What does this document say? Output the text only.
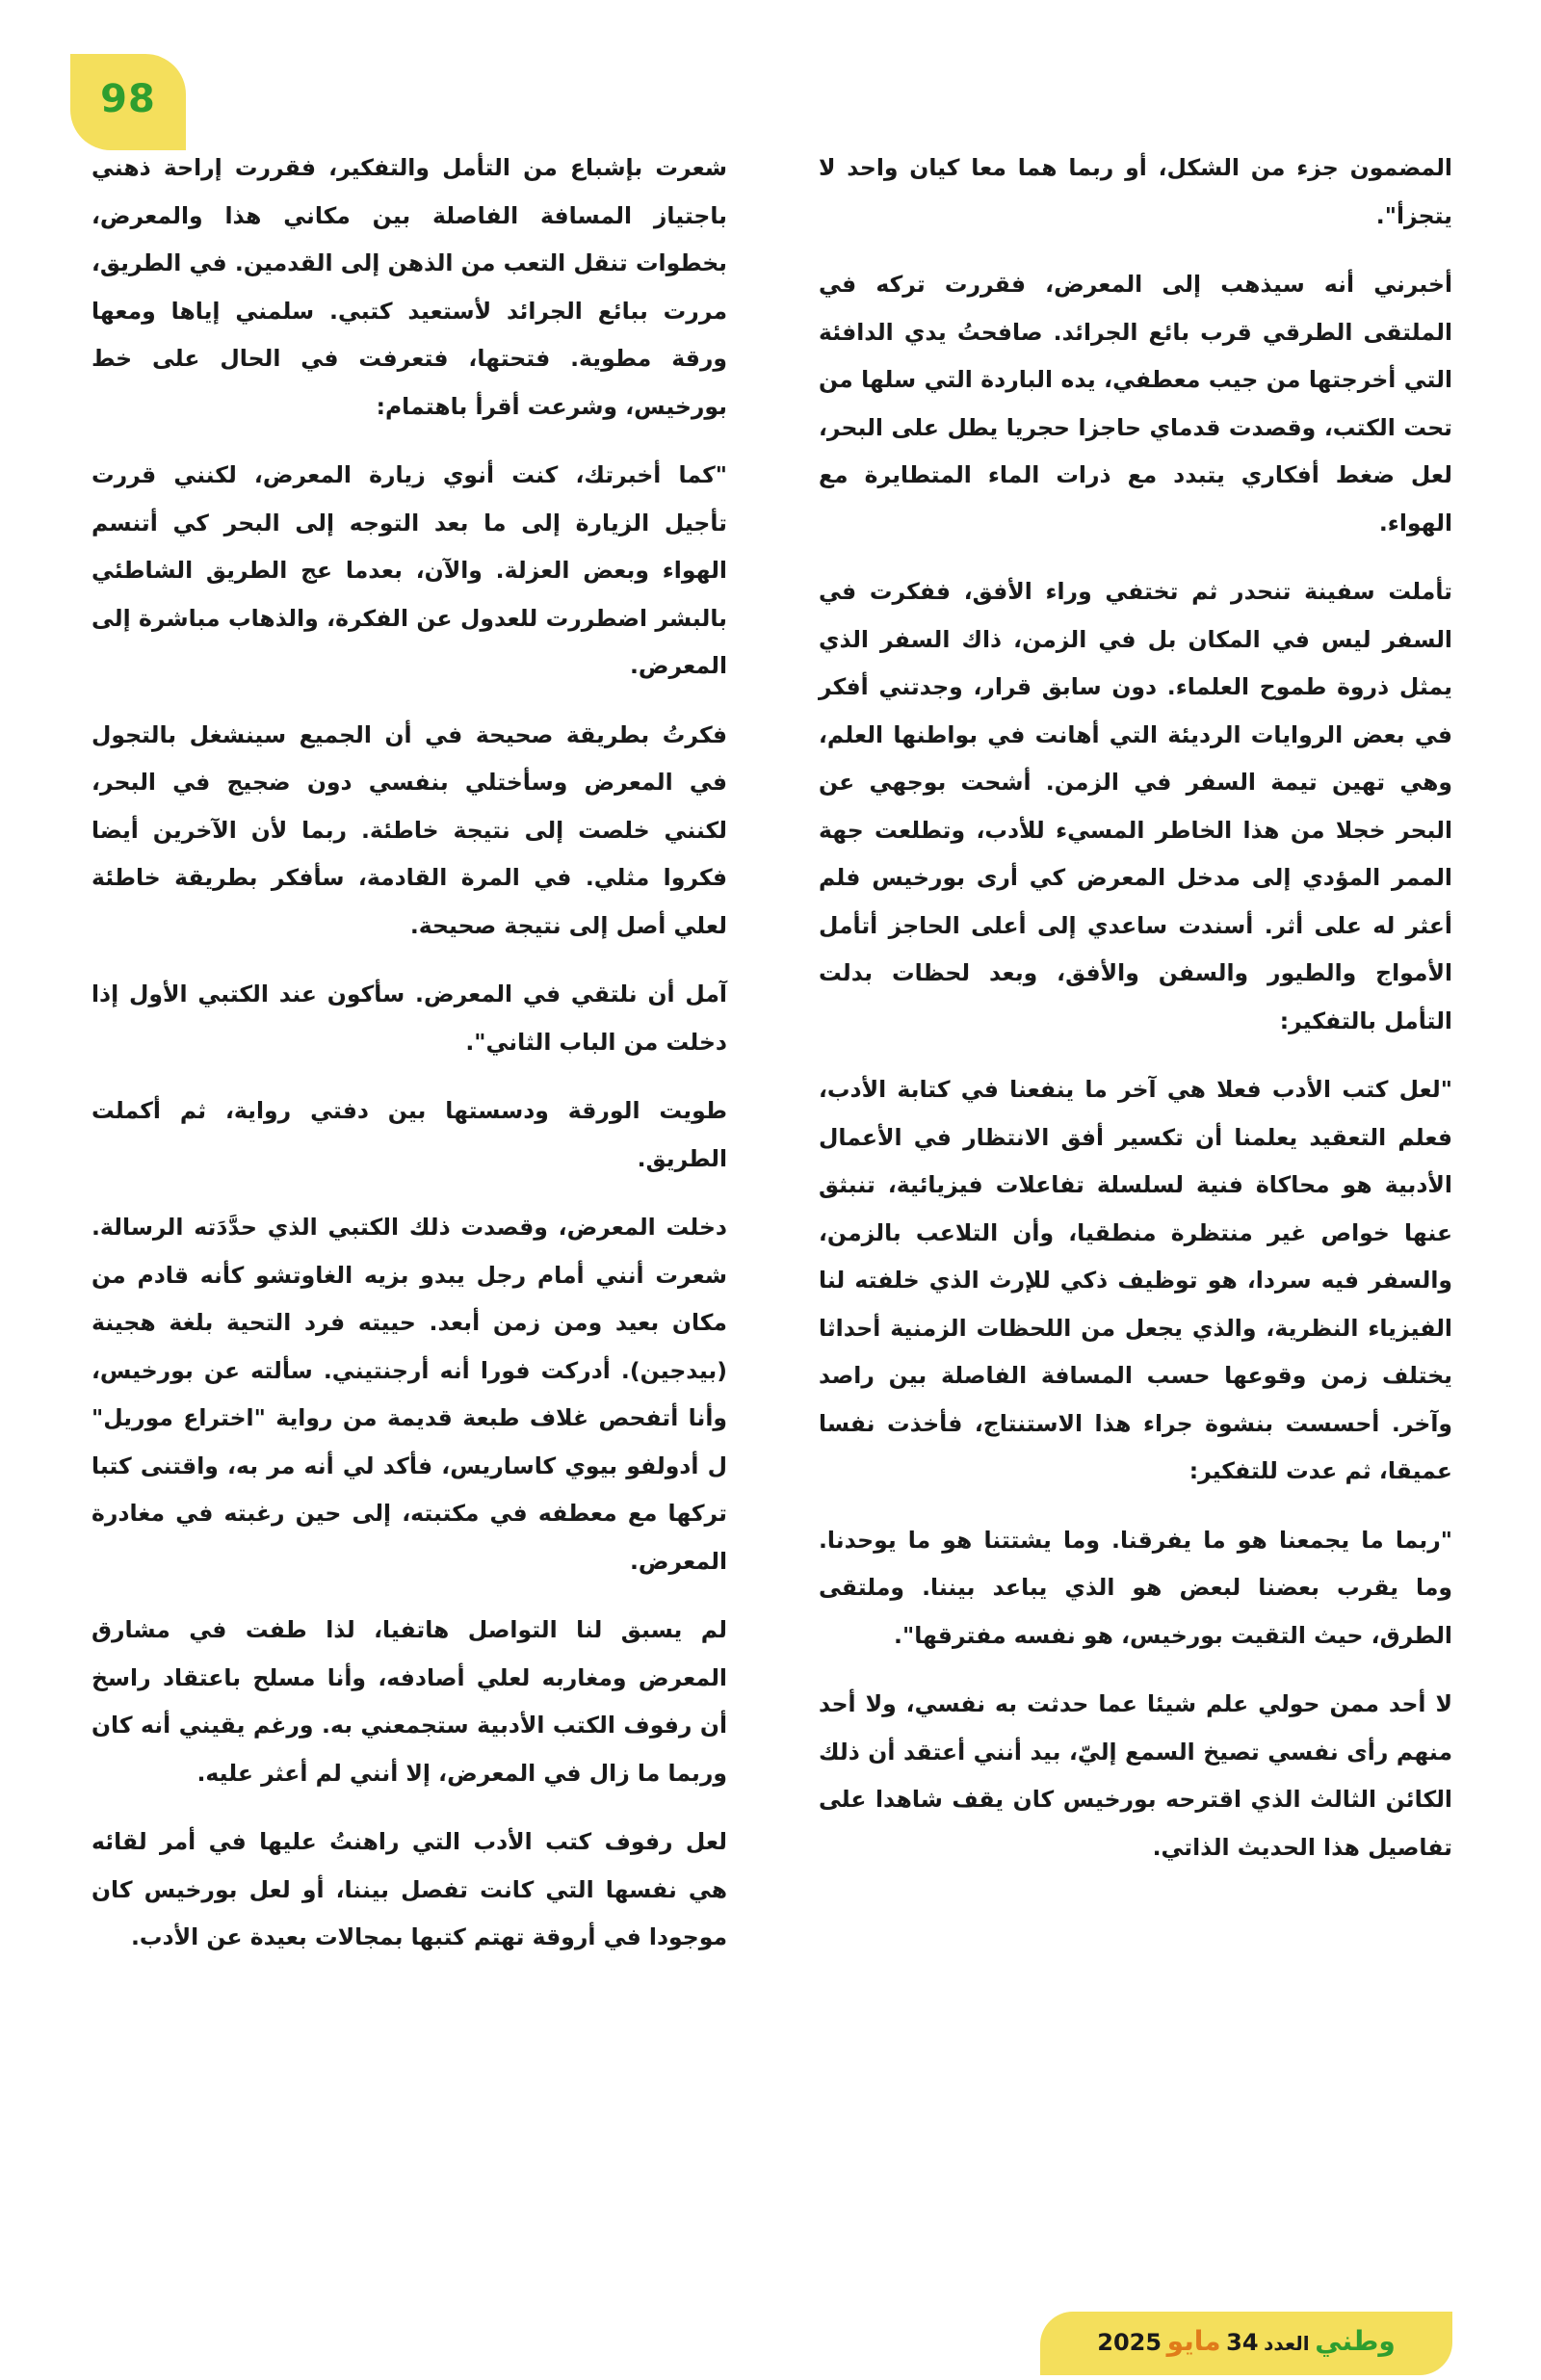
98

المضمون جزء من الشكل، أو ربما هما معا كيان واحد لا يتجزأ".

أخبرني أنه سيذهب إلى المعرض، فقررت تركه في الملتقى الطرقي قرب بائع الجرائد. صافحتُ يدي الدافئة التي أخرجتها من جيب معطفي، يده الباردة التي سلها من تحت الكتب، وقصدت قدماي حاجزا حجريا يطل على البحر، لعل ضغط أفكاري يتبدد مع ذرات الماء المتطايرة مع الهواء.

تأملت سفينة تنحدر ثم تختفي وراء الأفق، ففكرت في السفر ليس في المكان بل في الزمن، ذاك السفر الذي يمثل ذروة طموح العلماء. دون سابق قرار، وجدتني أفكر في بعض الروايات الرديئة التي أهانت في بواطنها العلم، وهي تهين تيمة السفر في الزمن. أشحت بوجهي عن البحر خجلا من هذا الخاطر المسيء للأدب، وتطلعت جهة الممر المؤدي إلى مدخل المعرض كي أرى بورخيس فلم أعثر له على أثر. أسندت ساعدي إلى أعلى الحاجز أتأمل الأمواج والطيور والسفن والأفق، وبعد لحظات بدلت التأمل بالتفكير:

"لعل كتب الأدب فعلا هي آخر ما ينفعنا في كتابة الأدب، فعلم التعقيد يعلمنا أن تكسير أفق الانتظار في الأعمال الأدبية هو محاكاة فنية لسلسلة تفاعلات فيزيائية، تنبثق عنها خواص غير منتظرة منطقيا، وأن التلاعب بالزمن، والسفر فيه سردا، هو توظيف ذكي للإرث الذي خلفته لنا الفيزياء النظرية، والذي يجعل من اللحظات الزمنية أحداثا يختلف زمن وقوعها حسب المسافة الفاصلة بين راصد وآخر. أحسست بنشوة جراء هذا الاستنتاج، فأخذت نفسا عميقا، ثم عدت للتفكير:

"ربما ما يجمعنا هو ما يفرقنا. وما يشتتنا هو ما يوحدنا. وما يقرب بعضنا لبعض هو الذي يباعد بيننا. وملتقى الطرق، حيث التقيت بورخيس، هو نفسه مفترقها".

لا أحد ممن حولي علم شيئا عما حدثت به نفسي، ولا أحد منهم رأى نفسي تصيخ السمع إليّ، بيد أنني أعتقد أن ذلك الكائن الثالث الذي اقترحه بورخيس كان يقف شاهدا على تفاصيل هذا الحديث الذاتي.

شعرت بإشباع من التأمل والتفكير، فقررت إراحة ذهني باجتياز المسافة الفاصلة بين مكاني هذا والمعرض، بخطوات تنقل التعب من الذهن إلى القدمين. في الطريق، مررت ببائع الجرائد لأستعيد كتبي. سلمني إياها ومعها ورقة مطوية. فتحتها، فتعرفت في الحال على خط بورخيس، وشرعت أقرأ باهتمام:

"كما أخبرتك، كنت أنوي زيارة المعرض، لكنني قررت تأجيل الزيارة إلى ما بعد التوجه إلى البحر كي أتنسم الهواء وبعض العزلة. والآن، بعدما عج الطريق الشاطئي بالبشر اضطررت للعدول عن الفكرة، والذهاب مباشرة إلى المعرض.

فكرتُ بطريقة صحيحة في أن الجميع سينشغل بالتجول في المعرض وسأختلي بنفسي دون ضجيج في البحر، لكنني خلصت إلى نتيجة خاطئة. ربما لأن الآخرين أيضا فكروا مثلي. في المرة القادمة، سأفكر بطريقة خاطئة لعلي أصل إلى نتيجة صحيحة.

آمل أن نلتقي في المعرض. سأكون عند الكتبي الأول إذا دخلت من الباب الثاني".

طويت الورقة ودسستها بين دفتي رواية، ثم أكملت الطريق.

دخلت المعرض، وقصدت ذلك الكتبي الذي حدَّدَته الرسالة. شعرت أنني أمام رجل يبدو بزيه الغاوتشو كأنه قادم من مكان بعيد ومن زمن أبعد. حييته فرد التحية بلغة هجينة (بيدجين). أدركت فورا أنه أرجنتيني. سألته عن بورخيس، وأنا أتفحص غلاف طبعة قديمة من رواية "اختراع موريل" ل أدولفو بيوي كاساريس، فأكد لي أنه مر به، واقتنى كتبا تركها مع معطفه في مكتبته، إلى حين رغبته في مغادرة المعرض.

لم يسبق لنا التواصل هاتفيا، لذا طفت في مشارق المعرض ومغاربه لعلي أصادفه، وأنا مسلح باعتقاد راسخ أن رفوف الكتب الأدبية ستجمعني به. ورغم يقيني أنه كان وربما ما زال في المعرض، إلا أنني لم أعثر عليه.

لعل رفوف كتب الأدب التي راهنتُ عليها في أمر لقائه هي نفسها التي كانت تفصل بيننا، أو لعل بورخيس كان موجودا في أروقة تهتم كتبها بمجالات بعيدة عن الأدب.

وطني العدد 34 مايو 2025
